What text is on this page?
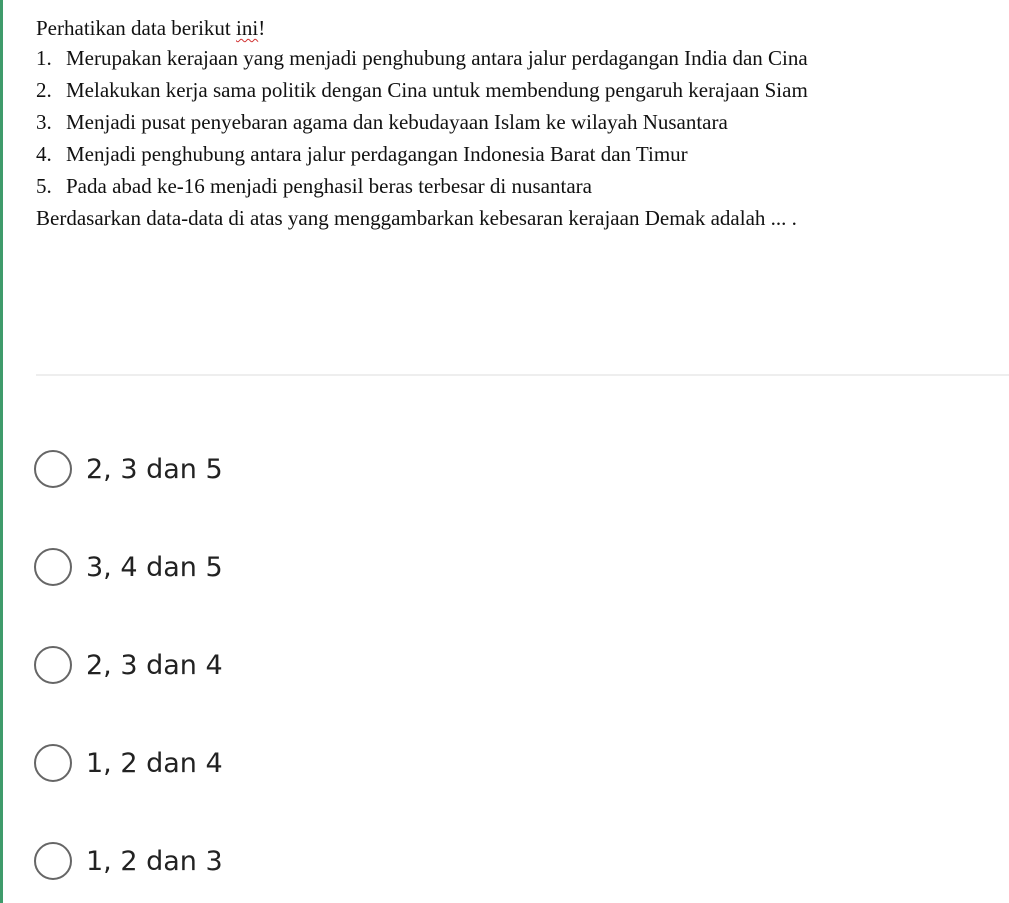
Perhatikan data berikut ini!

1. Merupakan kerajaan yang menjadi penghubung antara jalur perdagangan India dan Cina
2. Melakukan kerja sama politik dengan Cina untuk membendung pengaruh kerajaan Siam
3. Menjadi pusat penyebaran agama dan kebudayaan Islam ke wilayah Nusantara
4. Menjadi penghubung antara jalur perdagangan Indonesia Barat dan Timur
5. Pada abad ke-16 menjadi penghasil beras terbesar di nusantara

Berdasarkan data-data di atas yang menggambarkan kebesaran kerajaan Demak adalah ... .

2, 3 dan 5
3, 4 dan 5
2, 3 dan 4
1, 2 dan 4
1, 2 dan 3
